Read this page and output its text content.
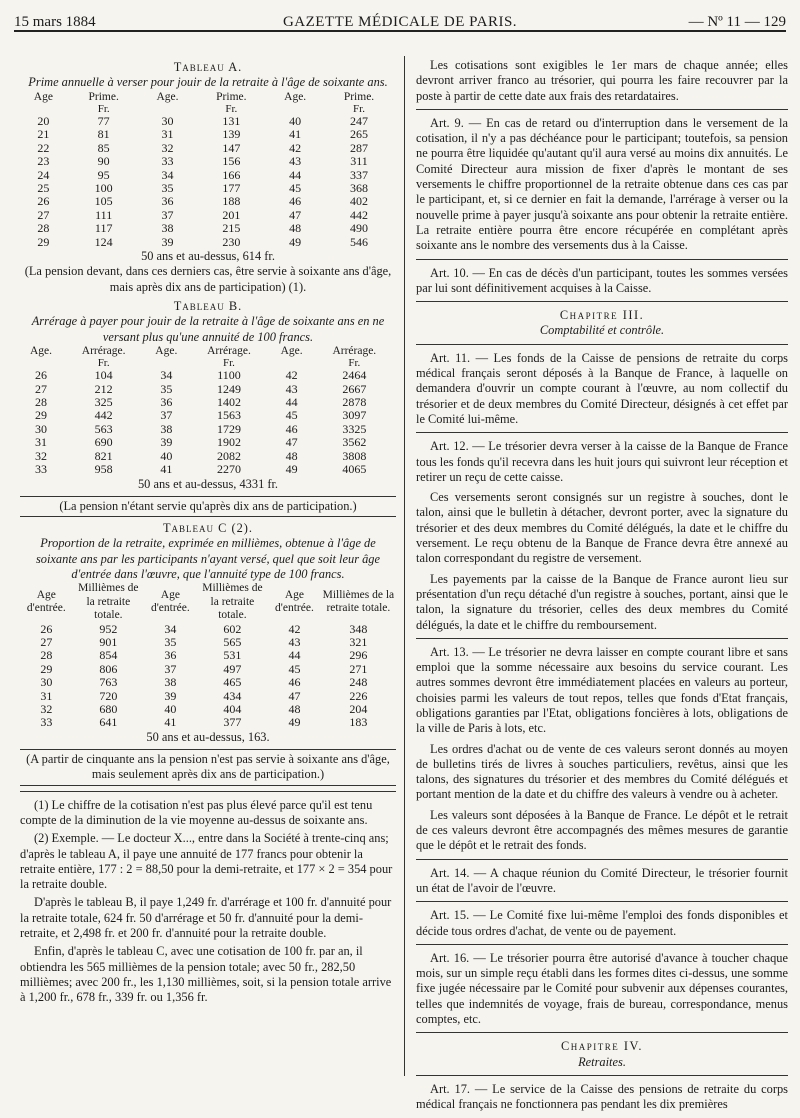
15 mars 1884	GAZETTE MÉDICALE DE PARIS.	— Nº 11 — 129
Tableau A.
Prime annuelle à verser pour jouir de la retraite à l'âge de soixante ans.
Age	Prime.	Age.	Prime.	Age.	Prime.
	Fr.		Fr.		Fr.
20	77	30	131	40	247
21	81	31	139	41	265
22	85	32	147	42	287
23	90	33	156	43	311
24	95	34	166	44	337
25	100	35	177	45	368
26	105	36	188	46	402
27	111	37	201	47	442
28	117	38	215	48	490
29	124	39	230	49	546
50 ans et au-dessus, 614 fr.
(La pension devant, dans ces derniers cas, être servie à soixante ans d'âge, mais après dix ans de participation) (1).
Tableau B.
Arrérage à payer pour jouir de la retraite à l'âge de soixante ans en ne versant plus qu'une annuité de 100 francs.
Age.	Arrérage.	Age.	Arrérage.	Age.	Arrérage.
	Fr.		Fr.		Fr.
26	104	34	1100	42	2464
27	212	35	1249	43	2667
28	325	36	1402	44	2878
29	442	37	1563	45	3097
30	563	38	1729	46	3325
31	690	39	1902	47	3562
32	821	40	2082	48	3808
33	958	41	2270	49	4065
50 ans et au-dessus, 4331 fr.
(La pension n'étant servie qu'après dix ans de participation.)
Tableau C (2).
Proportion de la retraite, exprimée en millièmes, obtenue à l'âge de soixante ans par les participants n'ayant versé, quel que soit leur âge d'entrée dans l'œuvre, que l'annuité type de 100 francs.
Age d'entrée.	Millièmes de la retraite totale.	Age d'entrée.	Millièmes de la retraite totale.	Age d'entrée.	Millièmes de la retraite totale.
26	952	34	602	42	348
27	901	35	565	43	321
28	854	36	531	44	296
29	806	37	497	45	271
30	763	38	465	46	248
31	720	39	434	47	226
32	680	40	404	48	204
33	641	41	377	49	183
50 ans et au-dessus, 163.
(A partir de cinquante ans la pension n'est pas servie à soixante ans d'âge, mais seulement après dix ans de participation.)
(1) Le chiffre de la cotisation n'est pas plus élevé parce qu'il est tenu compte de la diminution de la vie moyenne au-dessus de soixante ans.
(2) Exemple. — Le docteur X..., entre dans la Société à trente-cinq ans; d'après le tableau A, il paye une annuité de 177 francs pour obtenir la retraite entière, 177 : 2 = 88,50 pour la demi-retraite, et 177 × 2 = 354 pour la retraite double.
D'après le tableau B, il paye 1,249 fr. d'arrérage et 100 fr. d'annuité pour la retraite totale, 624 fr. 50 d'arrérage et 50 fr. d'annuité pour la demi-retraite, et 2,498 fr. et 200 fr. d'annuité pour la retraite double.
Enfin, d'après le tableau C, avec une cotisation de 100 fr. par an, il obtiendra les 565 millièmes de la pension totale; avec 50 fr., 282,50 millièmes; avec 200 fr., les 1,130 millièmes, soit, si la pension totale arrive à 1,200 fr., 678 fr., 339 fr. ou 1,356 fr.

Les cotisations sont exigibles le 1er mars de chaque année; elles devront arriver franco au trésorier, qui pourra les faire recouvrer par la poste à partir de cette date aux frais des retardataires.

Art. 9. — En cas de retard ou d'interruption dans le versement de la cotisation, il n'y a pas déchéance pour le participant; toutefois, sa pension ne pourra être liquidée qu'autant qu'il aura versé au moins dix annuités. Le Comité Directeur aura mission de fixer d'après le montant de ses versements le chiffre proportionnel de la retraite obtenue dans ces cas par le participant, et, si ce dernier en fait la demande, l'arrérage à verser ou la nouvelle prime à payer jusqu'à soixante ans pour obtenir la retraite entière. La retraite entière pourra être encore récupérée en complétant après soixante ans le nombre des versements dus à la Caisse.

Art. 10. — En cas de décès d'un participant, toutes les sommes versées par lui sont définitivement acquises à la Caisse.

Chapitre III.
Comptabilité et contrôle.

Art. 11. — Les fonds de la Caisse de pensions de retraite du corps médical français seront déposés à la Banque de France, à laquelle on demandera d'ouvrir un compte courant à l'œuvre, au nom collectif du trésorier et de deux membres du Comité Directeur, désignés à cet effet par le Comité lui-même.

Art. 12. — Le trésorier devra verser à la caisse de la Banque de France tous les fonds qu'il recevra dans les huit jours qui suivront leur réception et retirer un reçu de cette caisse.

Ces versements seront consignés sur un registre à souches, dont le talon, ainsi que le bulletin à détacher, devront porter, avec la signature du trésorier et des deux membres du Comité délégués, la date et le chiffre du versement. Le reçu obtenu de la Banque de France devra être annexé au talon correspondant du registre de versement.

Les payements par la caisse de la Banque de France auront lieu sur présentation d'un reçu détaché d'un registre à souches, portant, ainsi que le talon, la signature du trésorier, celles des deux membres du Comité délégués, la date et le chiffre du remboursement.

Art. 13. — Le trésorier ne devra laisser en compte courant libre et sans emploi que la somme nécessaire aux besoins du service courant. Les autres sommes devront être immédiatement placées en valeurs au porteur, choisies parmi les valeurs de tout repos, telles que fonds d'Etat français, obligations garanties par l'Etat, obligations foncières à lots, obligations de la ville de Paris à lots, etc.

Les ordres d'achat ou de vente de ces valeurs seront donnés au moyen de bulletins tirés de livres à souches particuliers, revêtus, ainsi que les talons, des signatures du trésorier et des membres du Comité délégués et portant mention de la date et du chiffre des valeurs à vendre ou à acheter.

Les valeurs sont déposées à la Banque de France. Le dépôt et le retrait de ces valeurs devront être accompagnés des mêmes mesures de garantie que le dépôt et le retrait des fonds.

Art. 14. — A chaque réunion du Comité Directeur, le trésorier fournit un état de l'avoir de l'œuvre.

Art. 15. — Le Comité fixe lui-même l'emploi des fonds disponibles et décide tous ordres d'achat, de vente ou de payement.

Art. 16. — Le trésorier pourra être autorisé d'avance à toucher chaque mois, sur un simple reçu établi dans les formes dites ci-dessus, une somme fixe jugée nécessaire par le Comité pour subvenir aux dépenses courantes, telles que indemnités de voyage, frais de bureau, correspondance, menus comptes, etc.

Chapitre IV.
Retraites.

Art. 17. — Le service de la Caisse des pensions de retraite du corps médical français ne fonctionnera pas pendant les dix premières
